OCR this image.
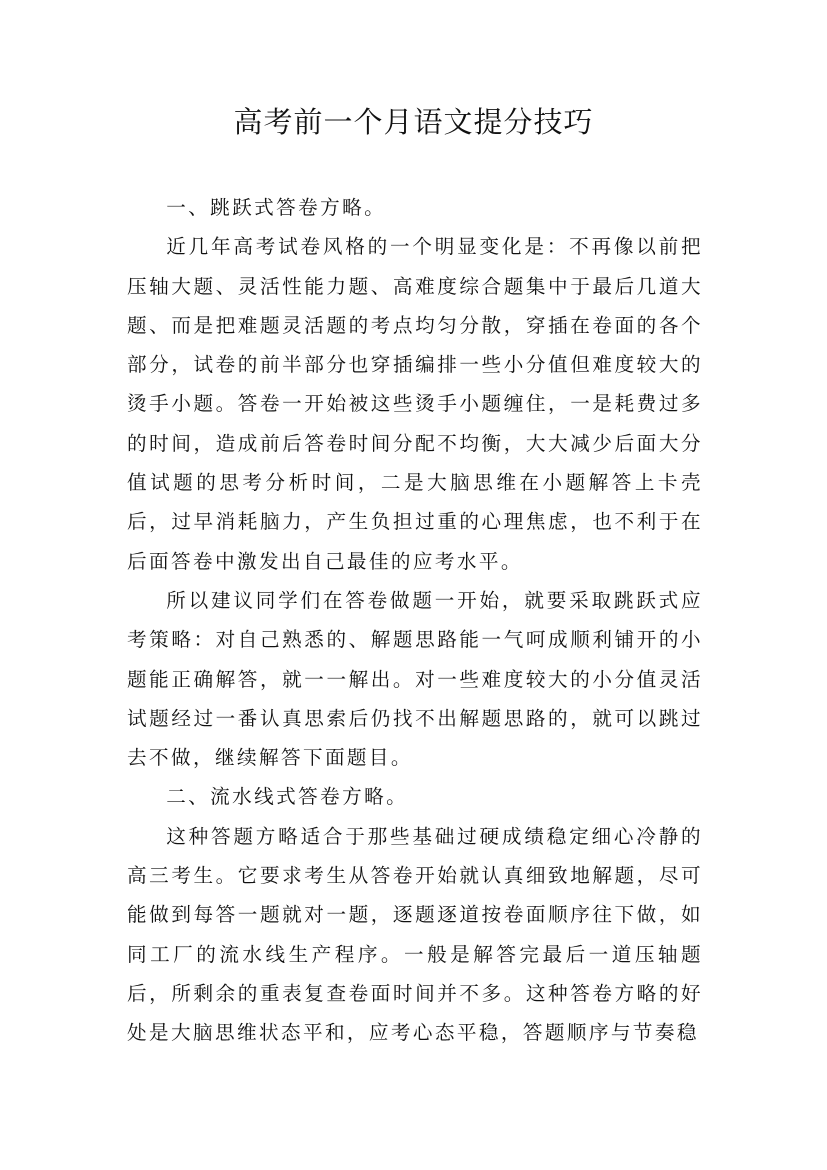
高考前一个月语文提分技巧

一、跳跃式答卷方略。

近几年高考试卷风格的一个明显变化是：不再像以前把压轴大题、灵活性能力题、高难度综合题集中于最后几道大题、而是把难题灵活题的考点均匀分散，穿插在卷面的各个部分，试卷的前半部分也穿插编排一些小分值但难度较大的烫手小题。答卷一开始被这些烫手小题缠住，一是耗费过多的时间，造成前后答卷时间分配不均衡，大大减少后面大分值试题的思考分析时间，二是大脑思维在小题解答上卡壳后，过早消耗脑力，产生负担过重的心理焦虑，也不利于在后面答卷中激发出自己最佳的应考水平。

所以建议同学们在答卷做题一开始，就要采取跳跃式应考策略：对自己熟悉的、解题思路能一气呵成顺利铺开的小题能正确解答，就一一解出。对一些难度较大的小分值灵活试题经过一番认真思索后仍找不出解题思路的，就可以跳过去不做，继续解答下面题目。

二、流水线式答卷方略。

这种答题方略适合于那些基础过硬成绩稳定细心冷静的高三考生。它要求考生从答卷开始就认真细致地解题，尽可能做到每答一题就对一题，逐题逐道按卷面顺序往下做，如同工厂的流水线生产程序。一般是解答完最后一道压轴题后，所剩余的重表复查卷面时间并不多。这种答卷方略的好处是大脑思维状态平和，应考心态平稳，答题顺序与节奏稳
